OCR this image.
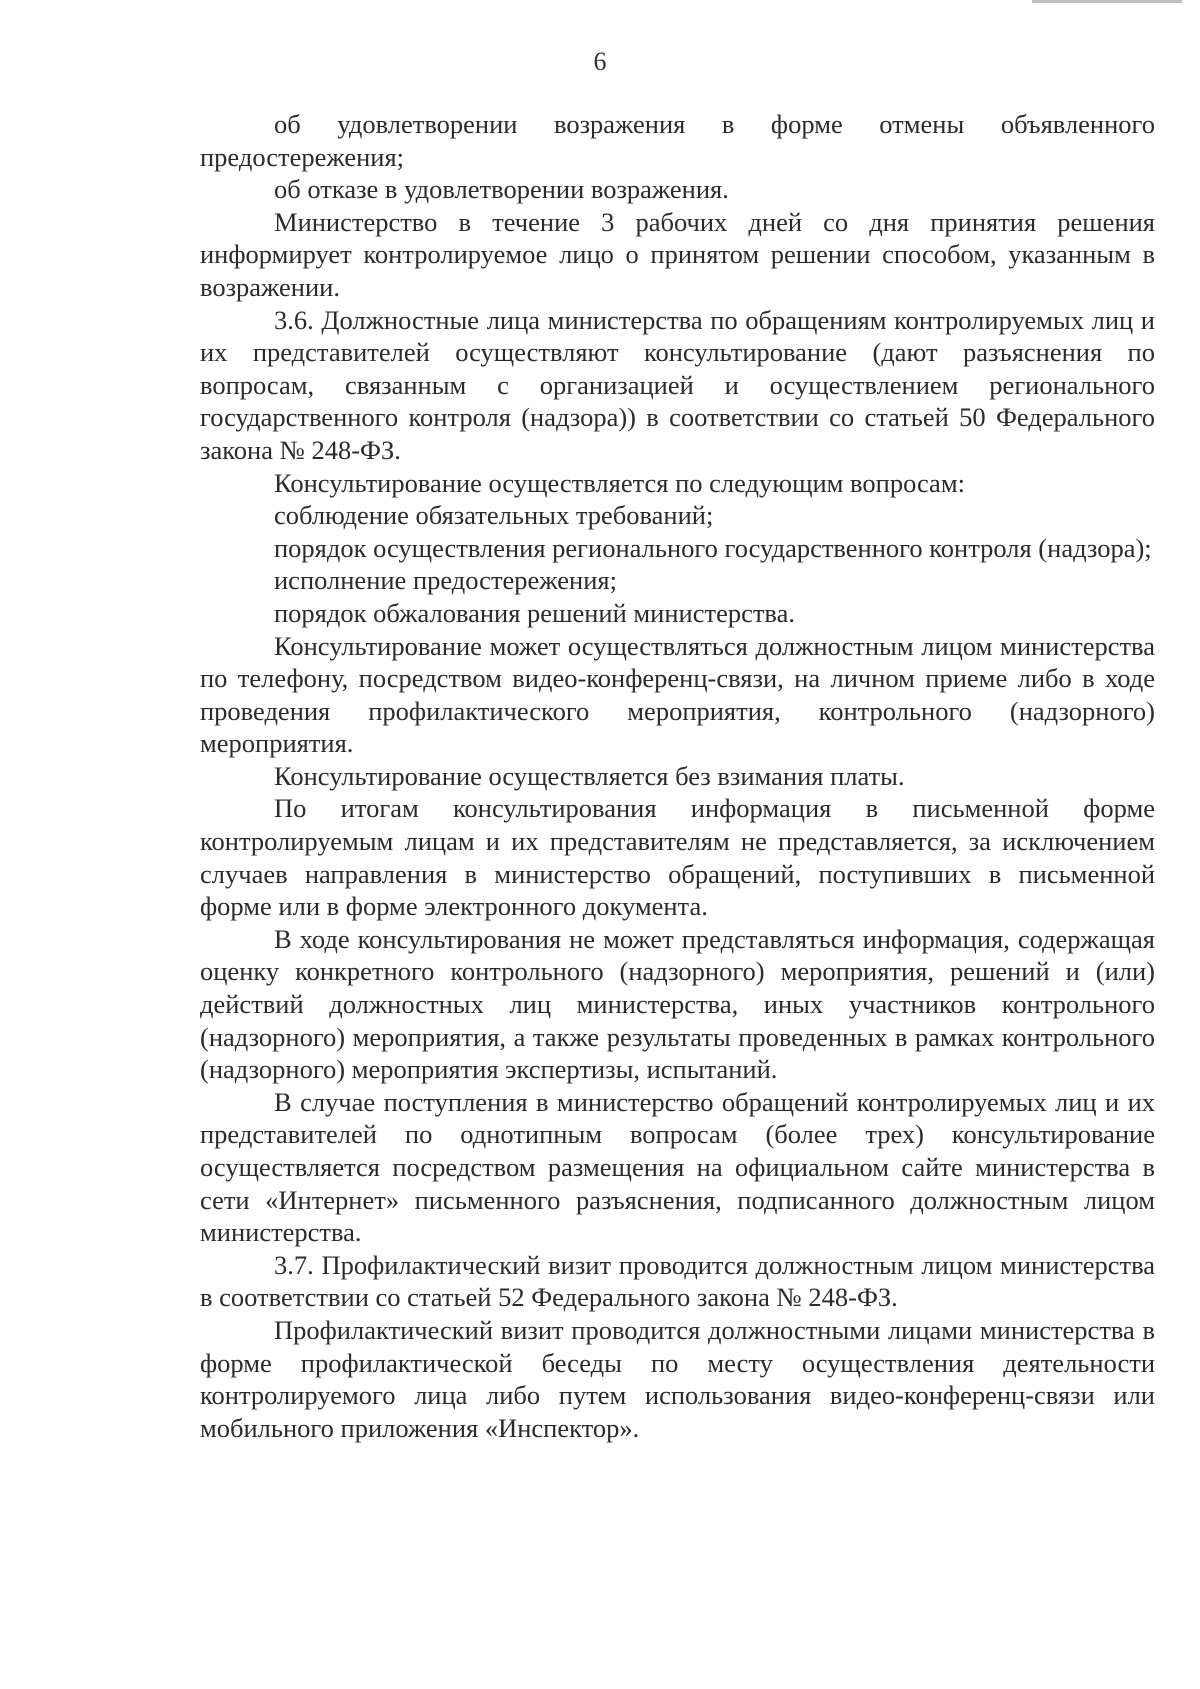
6

об удовлетворении возражения в форме отмены объявленного предостережения;

об отказе в удовлетворении возражения.

Министерство в течение 3 рабочих дней со дня принятия решения информирует контролируемое лицо о принятом решении способом, указанным в возражении.

3.6. Должностные лица министерства по обращениям контролируемых лиц и их представителей осуществляют консультирование (дают разъяснения по вопросам, связанным с организацией и осуществлением регионального государственного контроля (надзора)) в соответствии со статьей 50 Федерального закона № 248-ФЗ.

Консультирование осуществляется по следующим вопросам:

соблюдение обязательных требований;

порядок осуществления регионального государственного контроля (надзора);

исполнение предостережения;

порядок обжалования решений министерства.

Консультирование может осуществляться должностным лицом министерства по телефону, посредством видео-конференц-связи, на личном приеме либо в ходе проведения профилактического мероприятия, контрольного (надзорного) мероприятия.

Консультирование осуществляется без взимания платы.

По итогам консультирования информация в письменной форме контролируемым лицам и их представителям не представляется, за исключением случаев направления в министерство обращений, поступивших в письменной форме или в форме электронного документа.

В ходе консультирования не может представляться информация, содержащая оценку конкретного контрольного (надзорного) мероприятия, решений и (или) действий должностных лиц министерства, иных участников контрольного (надзорного) мероприятия, а также результаты проведенных в рамках контрольного (надзорного) мероприятия экспертизы, испытаний.

В случае поступления в министерство обращений контролируемых лиц и их представителей по однотипным вопросам (более трех) консультирование осуществляется посредством размещения на официальном сайте министерства в сети «Интернет» письменного разъяснения, подписанного должностным лицом министерства.

3.7. Профилактический визит проводится должностным лицом министерства в соответствии со статьей 52 Федерального закона № 248-ФЗ.

Профилактический визит проводится должностными лицами министерства в форме профилактической беседы по месту осуществления деятельности контролируемого лица либо путем использования видео-конференц-связи или мобильного приложения «Инспектор».
